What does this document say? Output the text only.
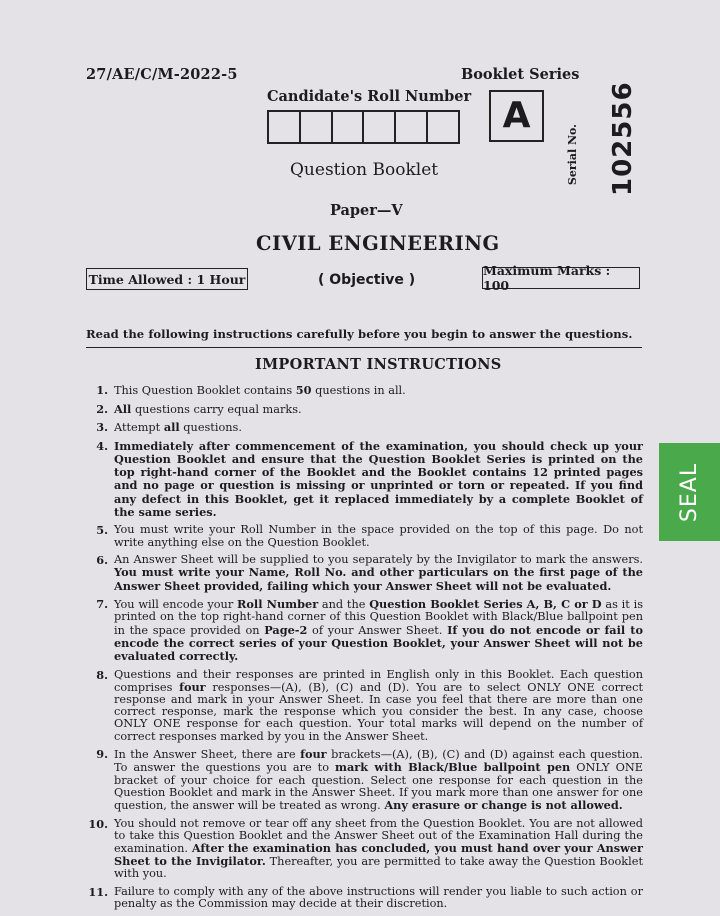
27/AE/C/M-2022-5	Booklet Series
Candidate's Roll Number A
Serial No. 102556
Question Booklet
Paper—V
CIVIL ENGINEERING
Time Allowed : 1 Hour	( Objective )
Maximum Marks : 100
Read the following instructions carefully before you begin to answer the questions.
IMPORTANT INSTRUCTIONS
1. This Question Booklet contains 50 questions in all.
2. All questions carry equal marks.
3. Attempt all questions.
4. Immediately after commencement of the examination, you should check up your Question Booklet and ensure that the Question Booklet Series is printed on the top right-hand corner of the Booklet and the Booklet contains 12 printed pages and no page or question is missing or unprinted or torn or repeated. If you find any defect in this Booklet, get it replaced immediately by a complete Booklet of the same series.
5. You must write your Roll Number in the space provided on the top of this page. Do not write anything else on the Question Booklet.
6. An Answer Sheet will be supplied to you separately by the Invigilator to mark the answers. You must write your Name, Roll No. and other particulars on the first page of the Answer Sheet provided, failing which your Answer Sheet will not be evaluated.
7. You will encode your Roll Number and the Question Booklet Series A, B, C or D as it is printed on the top right-hand corner of this Question Booklet with Black/Blue ballpoint pen in the space provided on Page-2 of your Answer Sheet. If you do not encode or fail to encode the correct series of your Question Booklet, your Answer Sheet will not be evaluated correctly.
8. Questions and their responses are printed in English only in this Booklet. Each question comprises four responses—(A), (B), (C) and (D). You are to select ONLY ONE correct response and mark in your Answer Sheet. In case you feel that there are more than one correct response, mark the response which you consider the best. In any case, choose ONLY ONE response for each question. Your total marks will depend on the number of correct responses marked by you in the Answer Sheet.
9. In the Answer Sheet, there are four brackets—(A), (B), (C) and (D) against each question. To answer the questions you are to mark with Black/Blue ballpoint pen ONLY ONE bracket of your choice for each question. Select one response for each question in the Question Booklet and mark in the Answer Sheet. If you mark more than one answer for one question, the answer will be treated as wrong. Any erasure or change is not allowed.
10. You should not remove or tear off any sheet from the Question Booklet. You are not allowed to take this Question Booklet and the Answer Sheet out of the Examination Hall during the examination. After the examination has concluded, you must hand over your Answer Sheet to the Invigilator. Thereafter, you are permitted to take away the Question Booklet with you.
11. Failure to comply with any of the above instructions will render you liable to such action or penalty as the Commission may decide at their discretion.
SEAL
